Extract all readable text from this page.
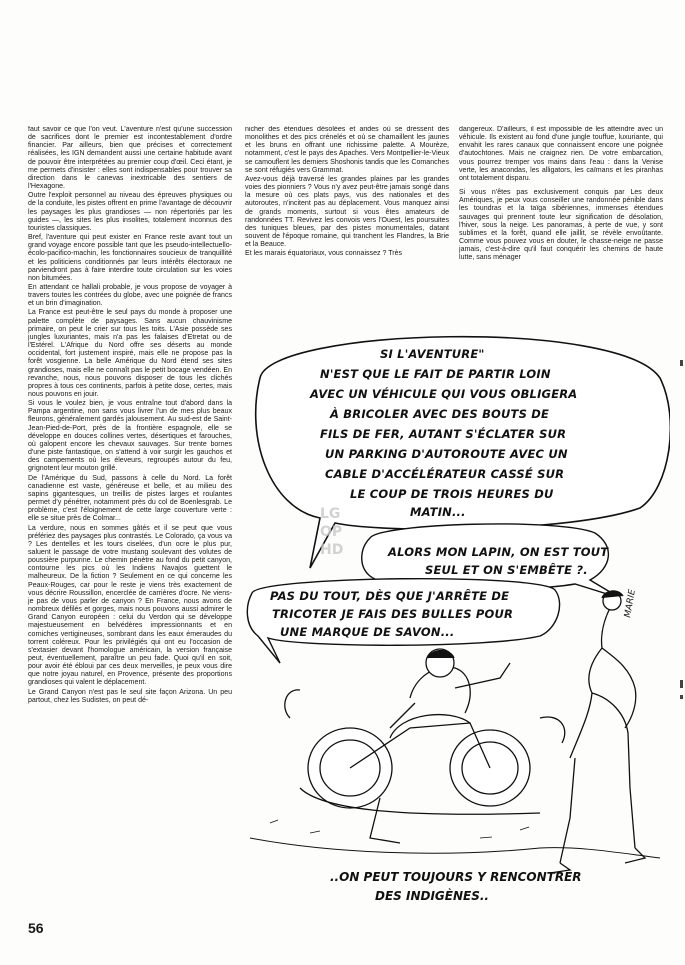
faut savoir ce que l'on veut. L'aventure n'est qu'une succession de sacrifices dont le premier est incontestablement d'ordre financier. Par ailleurs, bien que précises et correctement réalisées, les IGN demandent aussi une certaine habitude avant de pouvoir être interprétées au premier coup d'œil. Ceci étant, je me permets d'insister : elles sont indispensables pour trouver sa direction dans le canevas inextricable des sentiers de l'Hexagone.

Outre l'exploit personnel au niveau des épreuves physiques ou de la conduite, les pistes offrent en prime l'avantage de découvrir les paysages les plus grandioses — non répertoriés par les guides —, les sites les plus insolites, totalement inconnus des touristes classiques.

Bref, l'aventure qui peut exister en France reste avant tout un grand voyage encore possible tant que les pseudo-intellectuello-écolo-pacifico-machin, les fonctionnaires soucieux de tranquillité et les politiciens conditionnés par leurs intérêts électoraux ne parviendront pas à faire interdire toute circulation sur les voies non bitumées.

En attendant ce hallali probable, je vous propose de voyager à travers toutes les contrées du globe, avec une poignée de francs et un brin d'imagination.

La France est peut-être le seul pays du monde à proposer une palette complète de paysages. Sans aucun chauvinisme primaire, on peut le crier sur tous les toits. L'Asie possède ses jungles luxuriantes, mais n'a pas les falaises d'Etretat ou de l'Estérel. L'Afrique du Nord offre ses déserts au monde occidental, fort justement inspiré, mais elle ne propose pas la forêt vosgienne. La belle Amérique du Nord étend ses sites grandioses, mais elle ne connaît pas le petit bocage vendéen. En revanche, nous, nous pouvons disposer de tous les clichés propres à tous ces continents, parfois à petite dose, certes, mais nous pouvons en jouir.

Si vous le voulez bien, je vous entraîne tout d'abord dans la Pampa argentine, non sans vous livrer l'un de mes plus beaux fleurons, généralement gardés jalousement. Au sud-est de Saint-Jean-Pied-de-Port, près de la frontière espagnole, elle se développe en douces collines vertes, désertiques et farouches, où galopent encore les chevaux sauvages. Sur trente bornes d'une piste fantastique, on s'attend à voir surgir les gauchos et des campements où les éleveurs, regroupés autour du feu, grignotent leur mouton grillé.

De l'Amérique du Sud, passons à celle du Nord. La forêt canadienne est vaste, généreuse et belle, et au milieu des sapins gigantesques, un treillis de pistes larges et roulantes permet d'y pénétrer, notamment près du col de Boenlesgrab. Le problème, c'est l'éloignement de cette large couverture verte : elle se situe près de Colmar...

La verdure, nous en sommes gâtés et il se peut que vous préfériez des paysages plus contrastés. Le Colorado, ça vous va ? Les dentelles et les tours ciselées, d'un ocre le plus pur, saluent le passage de votre mustang soulevant des volutes de poussière purpurine. Le chemin pénètre au fond du petit canyon, contourne les pics où les Indiens Navajos guettent le malheureux. De la fiction ? Seulement en ce qui concerne les Peaux-Rouges, car pour le reste je viens très exactement de vous décrire Roussillon, encerclée de carrières d'ocre. Ne viens-je pas de vous parler de canyon ? En France, nous avons de nombreux défilés et gorges, mais nous pouvons aussi admirer le Grand Canyon européen : celui du Verdon qui se développe majestueusement en belvédères impressionnants et en corniches vertigineuses, sombrant dans les eaux émeraudes du torrent coléreux. Pour les privilégiés qui ont eu l'occasion de s'extasier devant l'homologue américain, la version française peut, éventuellement, paraître un peu fade. Quoi qu'il en soit, pour avoir été ébloui par ces deux merveilles, je peux vous dire que notre joyau naturel, en Provence, présente des proportions grandioses qui valent le déplacement.

Le Grand Canyon n'est pas le seul site façon Arizona. Un peu partout, chez les Sudistes, on peut dé-

nicher des étendues désolées et arides où se dressent des monolithes et des pics crénelés et où se chamaillent les jaunes et les bruns en offrant une richissime palette. A Mourèze, notamment, c'est le pays des Apaches. Vers Montpellier-le-Vieux se camouflent les derniers Shoshonis tandis que les Comanches se sont réfugiés vers Grammat.

Avez-vous déjà traversé les grandes plaines par les grandes voies des pionniers ? Vous n'y avez peut-être jamais songé dans la mesure où ces plats pays, vus des nationales et des autoroutes, n'incitent pas au déplacement. Vous manquez ainsi de grands moments, surtout si vous êtes amateurs de randonnées TT. Revivez les convois vers l'Ouest, les poursuites des tuniques bleues, par des pistes monumentales, datant souvent de l'époque romaine, qui tranchent les Flandres, la Brie et la Beauce.

Et les marais équatoriaux, vous connaissez ? Très

dangereux. D'ailleurs, il est impossible de les atteindre avec un véhicule. Ils existent au fond d'une jungle touffue, luxuriante, qui envahit les rares canaux que connaissent encore une poignée d'autochtones. Mais ne craignez rien. De votre embarcation, vous pourrez tremper vos mains dans l'eau : dans la Venise verte, les anacondas, les alligators, les caïmans et les piranhas ont totalement disparu.

Si vous n'êtes pas exclusivement conquis par Les deux Amériques, je peux vous conseiller une randonnée pénible dans les toundras et la taïga sibériennes, immenses étendues sauvages qui prennent toute leur signification de désolation, l'hiver, sous la neige. Les panoramas, à perte de vue, y sont sublimes et la forêt, quand elle jaillit, se révèle envoûtante. Comme vous pouvez vous en douter, le chasse-neige ne passe jamais, c'est-à-dire qu'il faut conquérir les chemins de haute lutte, sans ménager

SI L'AVENTURE"
N'EST QUE LE FAIT DE PARTIR LOIN
AVEC UN VÉHICULE QUI VOUS OBLIGERA
À BRICOLER AVEC DES BOUTS DE
FILS DE FER, AUTANT S'ÉCLATER SUR
UN PARKING D'AUTOROUTE AVEC UN
CABLE D'ACCÉLÉRATEUR CASSÉ SUR
LE COUP DE TROIS HEURES DU
MATIN...
LG
OP
HD	ALORS MON LAPIN, ON EST TOUT
SEUL ET ON S'EMBÊTE ?.
PAS DU TOUT, DÈS QUE J'ARRÊTE DE
TRICOTER JE FAIS DES BULLES POUR
UNE MARQUE DE SAVON...
MARIE
..ON PEUT TOUJOURS Y RENCONTRER
DES INDIGÈNES..
56
